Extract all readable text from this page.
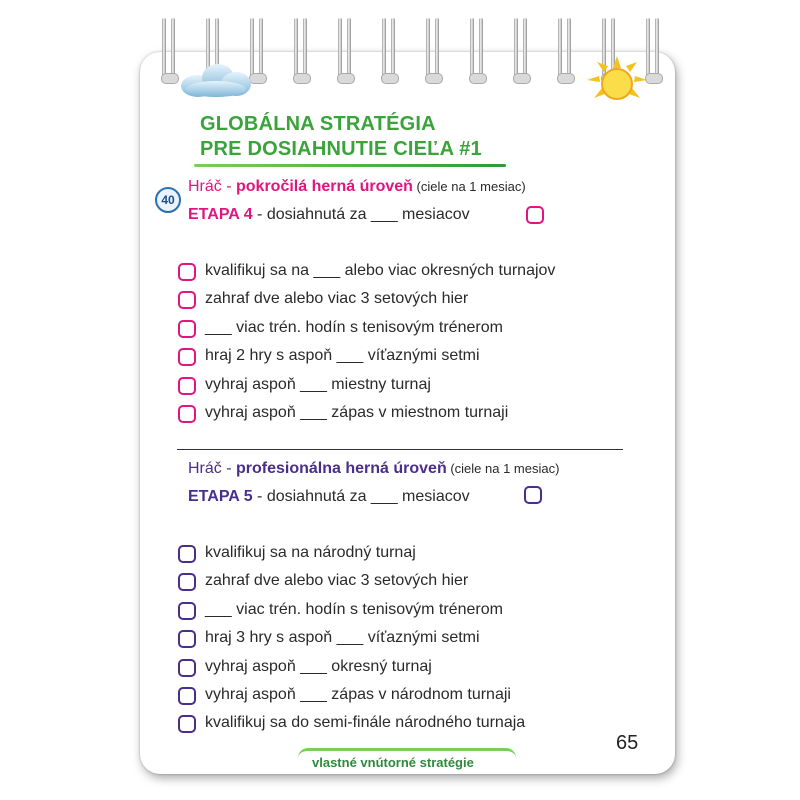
GLOBÁLNA STRATÉGIA
PRE DOSIAHNUTIE CIEĽA #1
40
Hráč - pokročilá herná úroveň (ciele na 1 mesiac)
ETAPA 4 - dosiahnutá za ___ mesiacov
kvalifikuj sa na ___ alebo viac okresných turnajov
zahraf dve alebo viac 3 setových hier
___ viac trén. hodín s tenisovým trénerom
hraj 2 hry s aspoň ___ víťaznými setmi
vyhraj aspoň ___ miestny turnaj
vyhraj aspoň ___ zápas v miestnom turnaji
Hráč - profesionálna herná úroveň (ciele na 1 mesiac)
ETAPA 5 - dosiahnutá za ___ mesiacov
kvalifikuj sa na národný turnaj
zahraf dve alebo viac 3 setových hier
___ viac trén. hodín s tenisovým trénerom
hraj 3 hry s aspoň ___ víťaznými setmi
vyhraj aspoň ___ okresný turnaj
vyhraj aspoň ___ zápas v národnom turnaji
kvalifikuj sa do semi-finále národného turnaja
65
vlastné vnútorné stratégie
